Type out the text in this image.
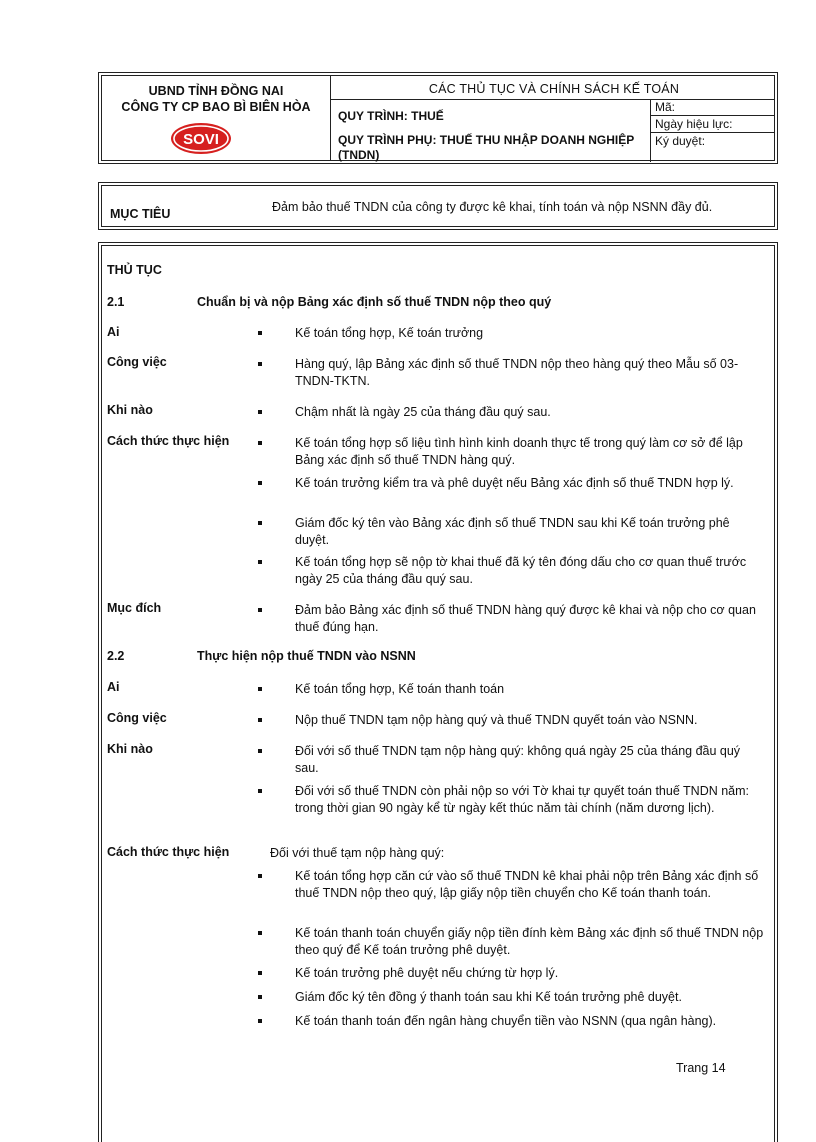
UBND TỈNH ĐỒNG NAI
CÔNG TY CP BAO BÌ BIÊN HÒA
SOVI
CÁC THỦ TỤC VÀ CHÍNH SÁCH KẾ TOÁN
QUY TRÌNH: THUẾ
QUY TRÌNH PHỤ: THUẾ THU NHẬP DOANH NGHIỆP (TNDN)
Mã:
Ngày hiệu lực:
Ký duyệt:
MỤC TIÊU	Đảm bảo thuế TNDN của công ty được kê khai, tính toán và nộp NSNN đầy đủ.
THỦ TỤC
2.1	Chuẩn bị và nộp Bảng xác định số thuế TNDN nộp theo quý
Ai	Kế toán tổng hợp, Kế toán trưởng
Công việc	Hàng quý, lập Bảng xác định số thuế TNDN nộp theo hàng quý theo Mẫu số 03-TNDN-TKTN.
Khi nào	Chậm nhất là ngày 25 của tháng đầu quý sau.
Cách thức thực hiện	Kế toán tổng hợp số liệu tình hình kinh doanh thực tế trong quý làm cơ sở để lập Bảng xác định số thuế TNDN hàng quý.
Kế toán trưởng kiểm tra và phê duyệt nếu Bảng xác định số thuế TNDN hợp lý.
Giám đốc ký tên vào Bảng xác định số thuế TNDN sau khi Kế toán trưởng phê duyệt.
Kế toán tổng hợp sẽ nộp tờ khai thuế đã ký tên đóng dấu cho cơ quan thuế trước ngày 25 của tháng đầu quý sau.
Mục đích	Đảm bảo Bảng xác định số thuế TNDN hàng quý được kê khai và nộp cho cơ quan thuế đúng hạn.
2.2	Thực hiện nộp thuế TNDN vào NSNN
Ai	Kế toán tổng hợp, Kế toán thanh toán
Công việc	Nộp thuế TNDN tạm nộp hàng quý và thuế TNDN quyết toán vào NSNN.
Khi nào	Đối với số thuế TNDN tạm nộp hàng quý: không quá ngày 25 của tháng đầu quý sau.
Đối với số thuế TNDN còn phải nộp so với Tờ khai tự quyết toán thuế TNDN năm: trong thời gian 90 ngày kể từ ngày kết thúc năm tài chính (năm dương lịch).
Cách thức thực hiện	Đối với thuế tạm nộp hàng quý:
Kế toán tổng hợp căn cứ vào số thuế TNDN kê khai phải nộp trên Bảng xác định số thuế TNDN nộp theo quý, lập giấy nộp tiền chuyển cho Kế toán thanh toán.
Kế toán thanh toán chuyển giấy nộp tiền đính kèm Bảng xác định số thuế TNDN nộp theo quý để Kế toán trưởng phê duyệt.
Kế toán trưởng phê duyệt nếu chứng từ hợp lý.
Giám đốc ký tên đồng ý thanh toán sau khi Kế toán trưởng phê duyệt.
Kế toán thanh toán đến ngân hàng chuyển tiền vào NSNN (qua ngân hàng).
Trang 14
